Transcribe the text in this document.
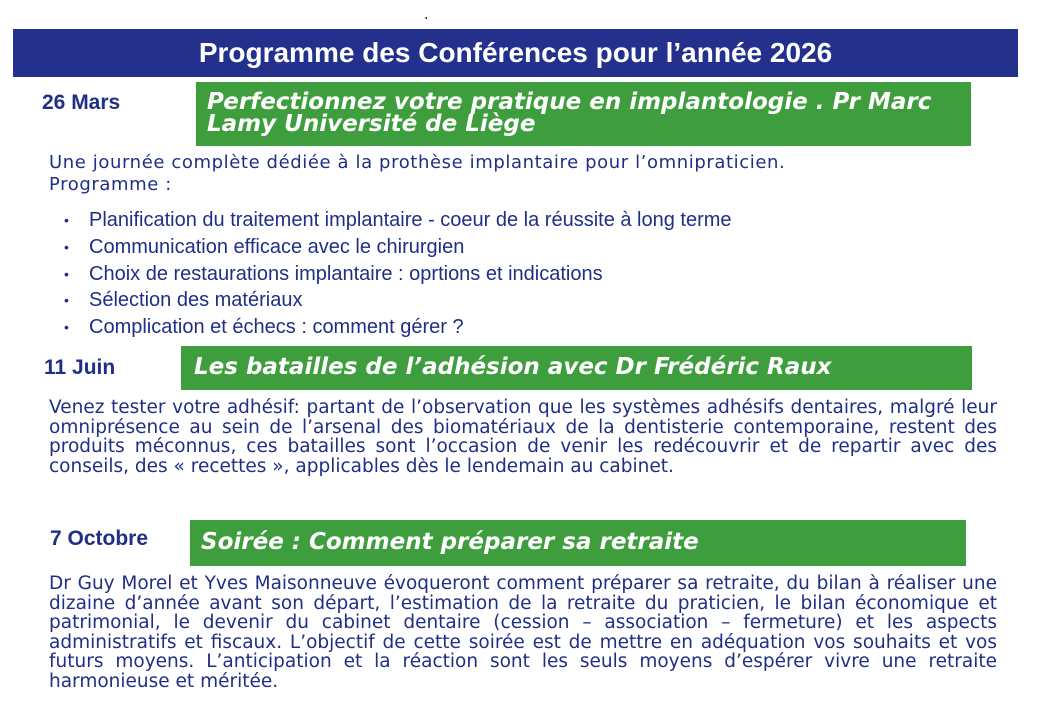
.
Programme des Conférences pour l’année 2026
26 Mars	Perfectionnez votre pratique en implantologie . Pr Marc Lamy Université de Liège

Une journée complète dédiée à la prothèse implantaire pour l’omnipraticien.

Programme :

• Planification du traitement implantaire - coeur de la réussite à long terme
• Communication efficace avec le chirurgien
• Choix de restaurations implantaire : oprtions et indications
• Sélection des matériaux
• Complication et échecs : comment gérer ?
11 Juin	Les batailles de l’adhésion avec Dr Frédéric Raux

Venez tester votre adhésif: partant de l’observation que les systèmes adhésifs dentaires, malgré leur omniprésence au sein de l’arsenal des biomatériaux de la dentisterie contemporaine, restent des produits méconnus, ces batailles sont l’occasion de venir les redécouvrir et de repartir avec des conseils, des « recettes », applicables dès le lendemain au cabinet.

7 Octobre	Soirée : Comment préparer sa retraite

Dr Guy Morel et Yves Maisonneuve évoqueront comment préparer sa retraite, du bilan à réaliser une dizaine d’année avant son départ, l’estimation de la retraite du praticien, le bilan économique et patrimonial, le devenir du cabinet dentaire (cession – association – fermeture) et les aspects administratifs et fiscaux. L’objectif de cette soirée est de mettre en adéquation vos souhaits et vos futurs moyens. L’anticipation et la réaction sont les seuls moyens d’espérer vivre une retraite harmonieuse et méritée.
